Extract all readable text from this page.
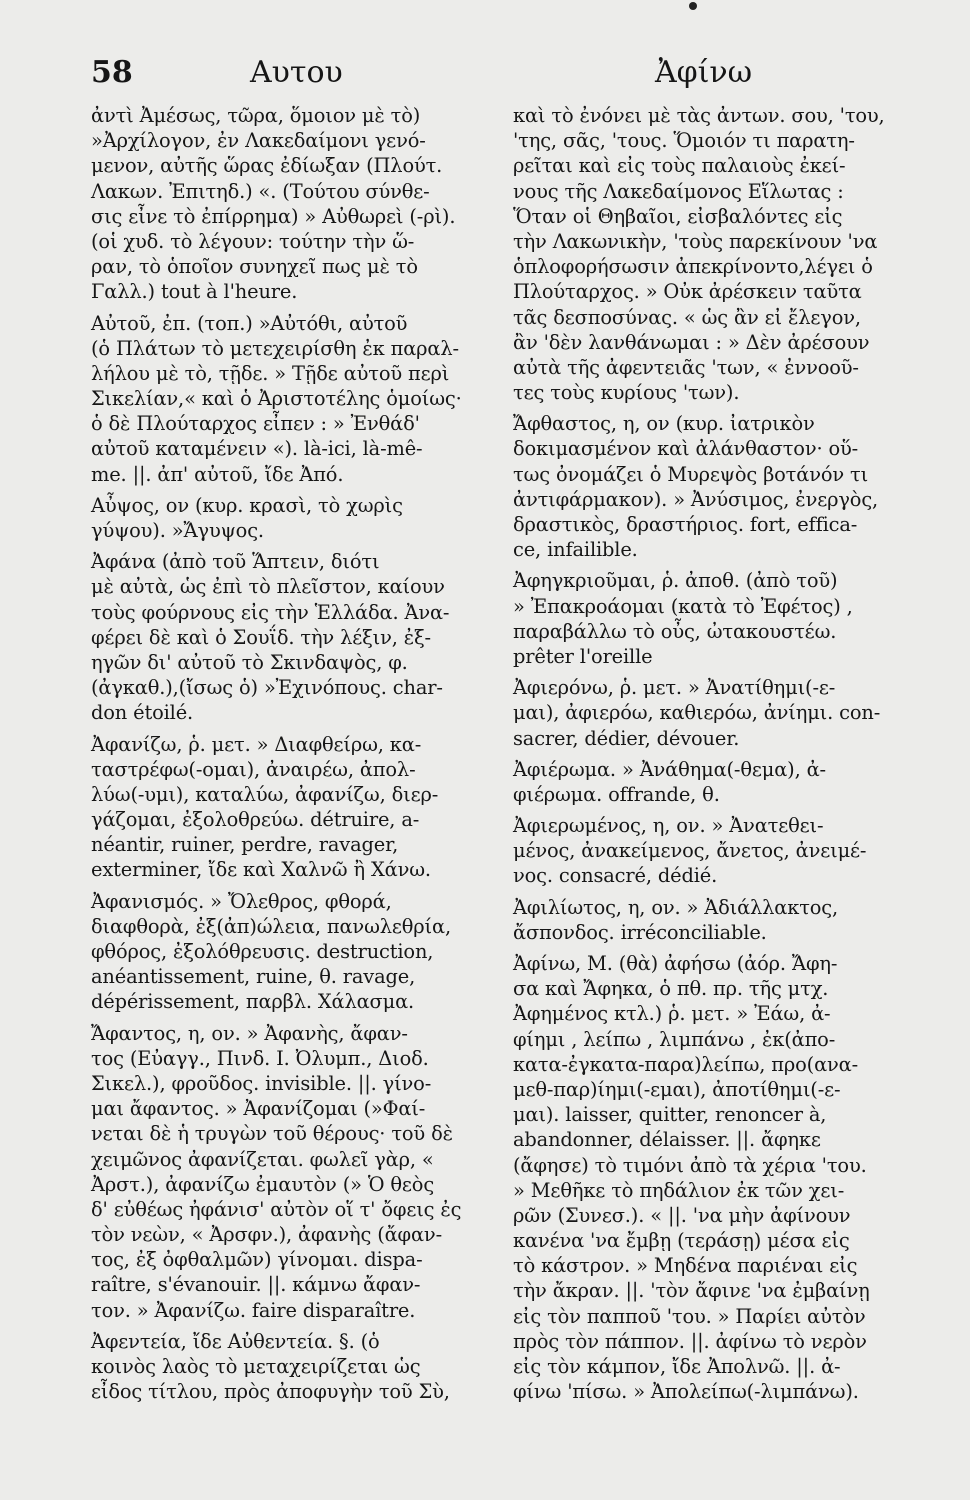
58	Αυτου	Ἀφίνω
ἀντὶ Ἀμέσως, τῶρα, ὅμοιον μὲ τὸ)
»Ἀρχίλογον, ἐν Λακεδαίμονι γενό-
μενον, αὐτῆς ὥρας ἐδίωξαν (Πλούτ.
Λακων. Ἐπιτηδ.) «. (Τούτου σύνθε-
σις εἶνε τὸ ἐπίρρημα) » Αὐθωρεὶ (-ρὶ).
(οἱ χυδ. τὸ λέγουν: τούτην τὴν ὥ-
ραν, τὸ ὁποῖον συνηχεῖ πως μὲ τὸ
Γαλλ.) tout à l'heure.
Αὐτοῦ, ἐπ. (τοπ.) »Αὐτόθι, αὐτοῦ
(ὁ Πλάτων τὸ μετεχειρίσθη ἐκ παραλ-
λήλου μὲ τὸ, τῇδε. » Τῇδε αὐτοῦ περὶ
Σικελίαν,« καὶ ὁ Ἀριστοτέλης ὁμοίως·
ὁ δὲ Πλούταρχος εἶπεν : » Ἐνθάδ'
αὐτοῦ καταμένειν «). là-ici, là-mê-
me. ||. ἀπ' αὐτοῦ, ἴδε Ἀπό.
Αὖψος, ον (κυρ. κρασὶ, τὸ χωρὶς
γύψου). »Ἄγυψος.
Ἀφάνα (ἀπὸ τοῦ Ἅπτειν, διότι
μὲ αὐτὰ, ὡς ἐπὶ τὸ πλεῖστον, καίουν
τοὺς φούρνους εἰς τὴν Ἑλλάδα. Ἀνα-
φέρει δὲ καὶ ὁ Σουΐδ. τὴν λέξιν, ἐξ-
ηγῶν δι' αὐτοῦ τὸ Σκινδαψὸς, φ.
(ἀγκαθ.),(ἴσως ὁ) »Ἐχινόπους. char-
don étoilé.
Ἀφανίζω, ῥ. μετ. » Διαφθείρω, κα-
ταστρέφω(-ομαι), ἀναιρέω, ἀπολ-
λύω(-υμι), καταλύω, ἀφανίζω, διερ-
γάζομαι, ἐξολοθρεύω. détruire, a-
néantir, ruiner, perdre, ravager,
exterminer, ἴδε καὶ Χαλνῶ ἢ Χάνω.
Ἀφανισμός. » Ὄλεθρος, φθορά,
διαφθορὰ, ἐξ(ἀπ)ώλεια, πανωλεθρία,
φθόρος, ἐξολόθρευσις. destruction,
anéantissement, ruine, θ. ravage,
dépérissement, παρβλ. Χάλασμα.
Ἄφαντος, η, ον. » Ἀφανὴς, ἄφαν-
τος (Εὐαγγ., Πινδ. Ι. Ὀλυμπ., Διοδ.
Σικελ.), φροῦδος. invisible. ||. γίνο-
μαι ἄφαντος. » Ἀφανίζομαι (»Φαί-
νεται δὲ ἡ τρυγὼν τοῦ θέρους· τοῦ δὲ
χειμῶνος ἀφανίζεται. φωλεῖ γὰρ, «
Ἀρστ.), ἀφανίζω ἐμαυτὸν (» Ὁ θεὸς
δ' εὐθέως ἠφάνισ' αὐτὸν οἵ τ' ὄφεις ἐς
τὸν νεὼν, « Ἀρσφν.), ἀφανὴς (ἄφαν-
τος, ἐξ ὀφθαλμῶν) γίνομαι. dispa-
raître, s'évanouir. ||. κάμνω ἄφαν-
τον. » Ἀφανίζω. faire disparaître.
Ἀφεντεία, ἴδε Αὐθεντεία. §. (ὁ
κοινὸς λαὸς τὸ μεταχειρίζεται ὡς
εἶδος τίτλου, πρὸς ἀποφυγὴν τοῦ Σὺ,
καὶ τὸ ἐνόνει μὲ τὰς ἀντων. σου, 'του,
'της, σᾶς, 'τους. Ὅμοιόν τι παρατη-
ρεῖται καὶ εἰς τοὺς παλαιοὺς ἐκεί-
νους τῆς Λακεδαίμονος Εἵλωτας :
Ὅταν οἱ Θηβαῖοι, εἰσβαλόντες εἰς
τὴν Λακωνικὴν, 'τοὺς παρεκίνουν 'να
ὁπλοφορήσωσιν ἀπεκρίνοντο,λέγει ὁ
Πλούταρχος. » Οὐκ ἀρέσκειν ταῦτα
τᾶς δεσποσύνας. « ὡς ἂν εἰ ἔλεγον,
ἂν 'δὲν λανθάνωμαι : » Δὲν ἀρέσουν
αὐτὰ τῆς ἀφεντειᾶς 'των, « ἐννοοῦ-
τες τοὺς κυρίους 'των).
Ἄφθαστος, η, ον (κυρ. ἰατρικὸν
δοκιμασμένον καὶ ἀλάνθαστον· οὕ-
τως ὀνομάζει ὁ Μυρεψὸς βοτάνόν τι
ἀντιφάρμακον). » Ἀνύσιμος, ἐνεργὸς,
δραστικὸς, δραστήριος. fort, effica-
ce, infailible.
Ἀφηγκριοῦμαι, ῥ. ἀποθ. (ἀπὸ τοῦ)
» Ἐπακροάομαι (κατὰ τὸ Ἐφέτος) ,
παραβάλλω τὸ οὖς, ὠτακουστέω.
prêter l'oreille
Ἀφιερόνω, ῥ. μετ. » Ἀνατίθημι(-ε-
μαι), ἀφιερόω, καθιερόω, ἀνίημι. con-
sacrer, dédier, dévouer.
Ἀφιέρωμα. » Ἀνάθημα(-θεμα), ἀ-
φιέρωμα. offrande, θ.
Ἀφιερωμένος, η, ον. » Ἀνατεθει-
μένος, ἀνακείμενος, ἄνετος, ἀνειμέ-
νος. consacré, dédié.
Ἀφιλίωτος, η, ον. » Ἀδιάλλακτος,
ἄσπονδος. irréconciliable.
Ἀφίνω, Μ. (θὰ) ἀφήσω (ἀόρ. Ἄφη-
σα καὶ Ἄφηκα, ὁ πθ. πρ. τῆς μτχ.
Ἀφημένος κτλ.) ῥ. μετ. » Ἐάω, ἀ-
φίημι , λείπω , λιμπάνω , ἐκ(ἀπο-
κατα-ἐγκατα-παρα)λείπω, προ(ανα-
μεθ-παρ)ίημι(-εμαι), ἀποτίθημι(-ε-
μαι). laisser, quitter, renoncer à,
abandonner, délaisser. ||. ἄφηκε
(ἄφησε) τὸ τιμόνι ἀπὸ τὰ χέρια 'του.
» Μεθῆκε τὸ πηδάλιον ἐκ τῶν χει-
ρῶν (Συνεσ.). « ||. 'να μὴν ἀφίνουν
κανένα 'να ἔμβῃ (τεράσῃ) μέσα εἰς
τὸ κάστρον. » Μηδένα παριέναι εἰς
τὴν ἄκραν. ||. 'τὸν ἄφινε 'να ἐμβαίνῃ
εἰς τὸν παπποῦ 'του. » Παρίει αὐτὸν
πρὸς τὸν πάππον. ||. ἀφίνω τὸ νερὸν
εἰς τὸν κάμπον, ἴδε Ἀπολνῶ. ||. ἀ-
φίνω 'πίσω. » Ἀπολείπω(-λιμπάνω).
